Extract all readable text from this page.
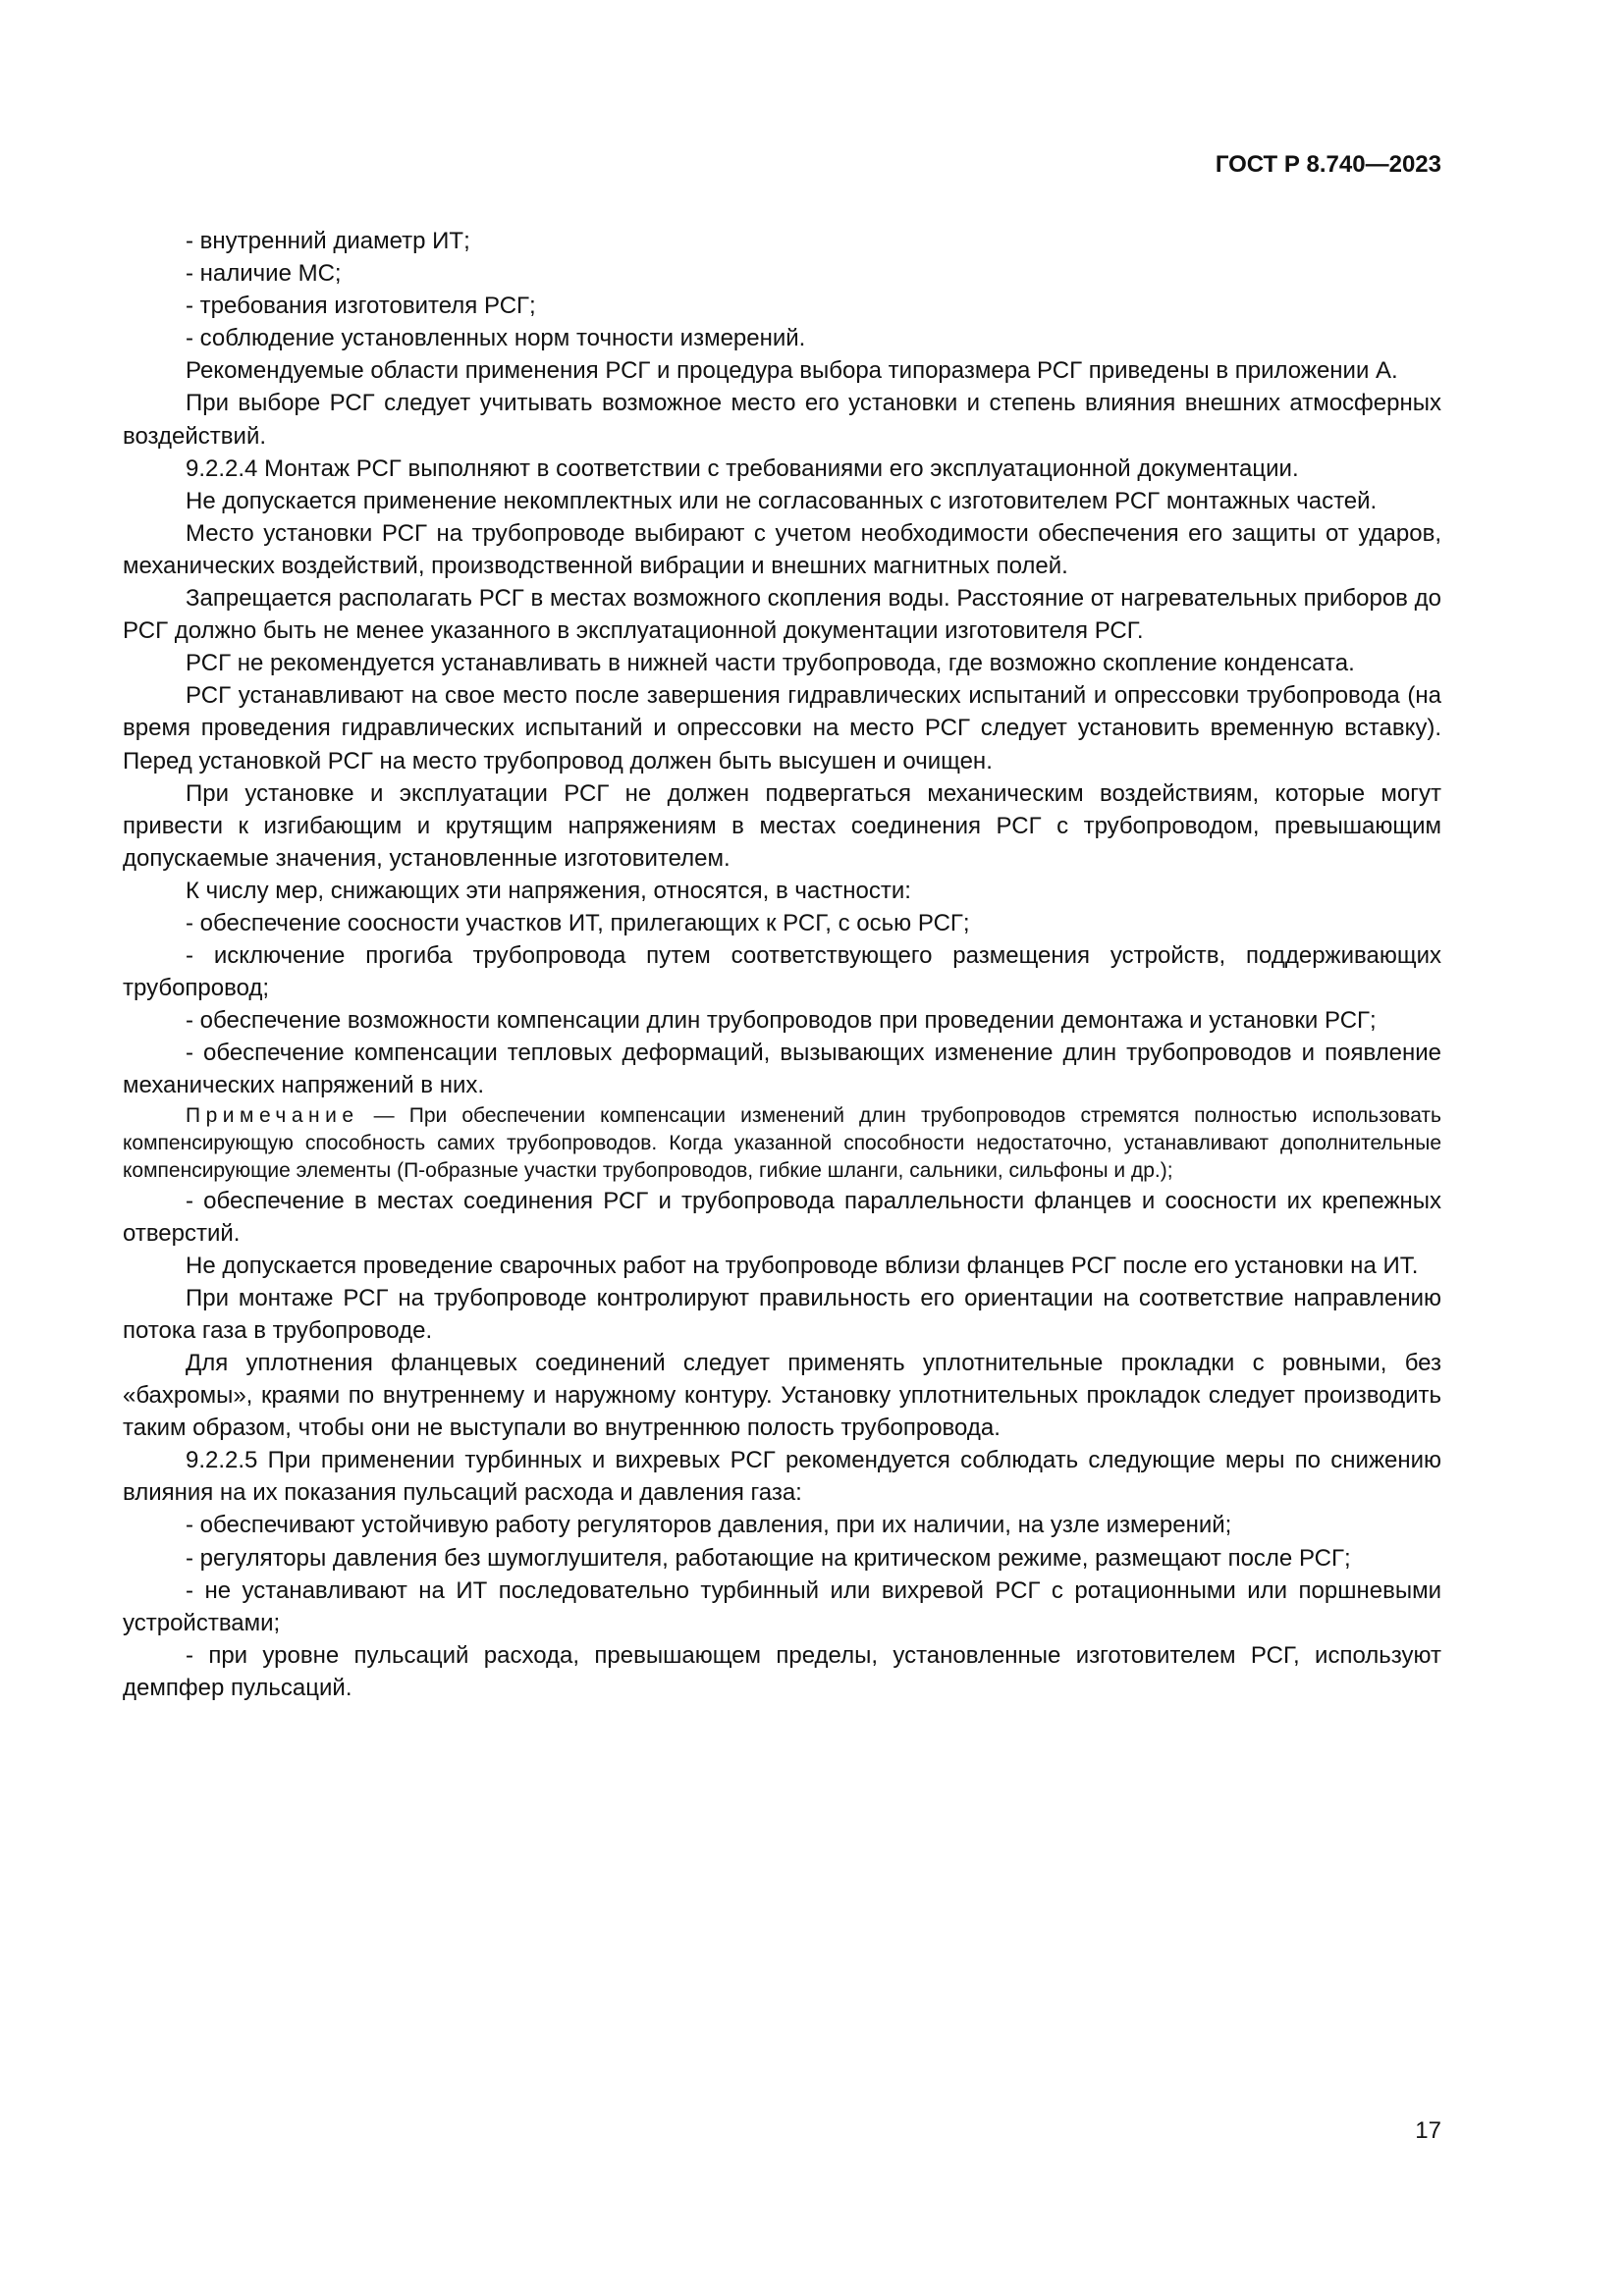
ГОСТ Р 8.740—2023

- внутренний диаметр ИТ;

- наличие МС;

- требования изготовителя РСГ;

- соблюдение установленных норм точности измерений.

Рекомендуемые области применения РСГ и процедура выбора типоразмера РСГ приведены в приложении А.

При выборе РСГ следует учитывать возможное место его установки и степень влияния внешних атмосферных воздействий.

9.2.2.4 Монтаж РСГ выполняют в соответствии с требованиями его эксплуатационной документации.

Не допускается применение некомплектных или не согласованных с изготовителем РСГ монтажных частей.

Место установки РСГ на трубопроводе выбирают с учетом необходимости обеспечения его защиты от ударов, механических воздействий, производственной вибрации и внешних магнитных полей.

Запрещается располагать РСГ в местах возможного скопления воды. Расстояние от нагревательных приборов до РСГ должно быть не менее указанного в эксплуатационной документации изготовителя РСГ.

РСГ не рекомендуется устанавливать в нижней части трубопровода, где возможно скопление конденсата.

РСГ устанавливают на свое место после завершения гидравлических испытаний и опрессовки трубопровода (на время проведения гидравлических испытаний и опрессовки на место РСГ следует установить временную вставку). Перед установкой РСГ на место трубопровод должен быть высушен и очищен.

При установке и эксплуатации РСГ не должен подвергаться механическим воздействиям, которые могут привести к изгибающим и крутящим напряжениям в местах соединения РСГ с трубопроводом, превышающим допускаемые значения, установленные изготовителем.

К числу мер, снижающих эти напряжения, относятся, в частности:

- обеспечение соосности участков ИТ, прилегающих к РСГ, с осью РСГ;

- исключение прогиба трубопровода путем соответствующего размещения устройств, поддерживающих трубопровод;

- обеспечение возможности компенсации длин трубопроводов при проведении демонтажа и установки РСГ;

- обеспечение компенсации тепловых деформаций, вызывающих изменение длин трубопроводов и появление механических напряжений в них.

Примечание — При обеспечении компенсации изменений длин трубопроводов стремятся полностью использовать компенсирующую способность самих трубопроводов. Когда указанной способности недостаточно, устанавливают дополнительные компенсирующие элементы (П-образные участки трубопроводов, гибкие шланги, сальники, сильфоны и др.);

- обеспечение в местах соединения РСГ и трубопровода параллельности фланцев и соосности их крепежных отверстий.

Не допускается проведение сварочных работ на трубопроводе вблизи фланцев РСГ после его установки на ИТ.

При монтаже РСГ на трубопроводе контролируют правильность его ориентации на соответствие направлению потока газа в трубопроводе.

Для уплотнения фланцевых соединений следует применять уплотнительные прокладки с ровными, без «бахромы», краями по внутреннему и наружному контуру. Установку уплотнительных прокладок следует производить таким образом, чтобы они не выступали во внутреннюю полость трубопровода.

9.2.2.5 При применении турбинных и вихревых РСГ рекомендуется соблюдать следующие меры по снижению влияния на их показания пульсаций расхода и давления газа:

- обеспечивают устойчивую работу регуляторов давления, при их наличии, на узле измерений;

- регуляторы давления без шумоглушителя, работающие на критическом режиме, размещают после РСГ;

- не устанавливают на ИТ последовательно турбинный или вихревой РСГ с ротационными или поршневыми устройствами;

- при уровне пульсаций расхода, превышающем пределы, установленные изготовителем РСГ, используют демпфер пульсаций.

17
